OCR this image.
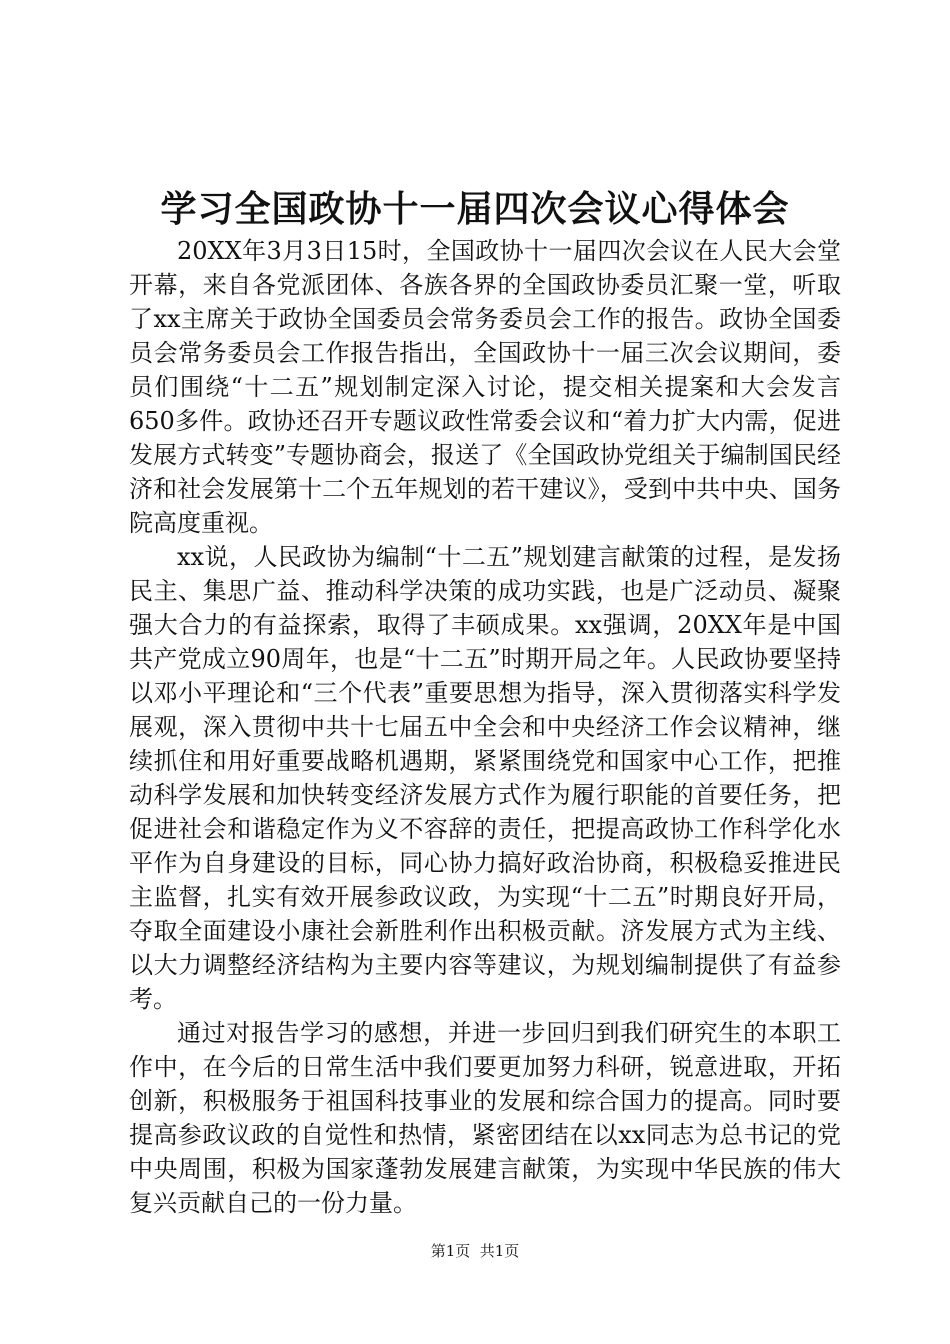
学习全国政协十一届四次会议心得体会

20XX年3月3日15时，全国政协十一届四次会议在人民大会堂开幕，来自各党派团体、各族各界的全国政协委员汇聚一堂，听取了xx主席关于政协全国委员会常务委员会工作的报告。政协全国委员会常务委员会工作报告指出，全国政协十一届三次会议期间，委员们围绕“十二五”规划制定深入讨论，提交相关提案和大会发言650多件。政协还召开专题议政性常委会议和“着力扩大内需，促进发展方式转变”专题协商会，报送了《全国政协党组关于编制国民经济和社会发展第十二个五年规划的若干建议》，受到中共中央、国务院高度重视。

xx说，人民政协为编制“十二五”规划建言献策的过程，是发扬民主、集思广益、推动科学决策的成功实践，也是广泛动员、凝聚强大合力的有益探索，取得了丰硕成果。xx强调，20XX年是中国共产党成立90周年，也是“十二五”时期开局之年。人民政协要坚持以邓小平理论和“三个代表”重要思想为指导，深入贯彻落实科学发展观，深入贯彻中共十七届五中全会和中央经济工作会议精神，继续抓住和用好重要战略机遇期，紧紧围绕党和国家中心工作，把推动科学发展和加快转变经济发展方式作为履行职能的首要任务，把促进社会和谐稳定作为义不容辞的责任，把提高政协工作科学化水平作为自身建设的目标，同心协力搞好政治协商，积极稳妥推进民主监督，扎实有效开展参政议政，为实现“十二五”时期良好开局，夺取全面建设小康社会新胜利作出积极贡献。济发展方式为主线、以大力调整经济结构为主要内容等建议，为规划编制提供了有益参考。

通过对报告学习的感想，并进一步回归到我们研究生的本职工作中，在今后的日常生活中我们要更加努力科研，锐意进取，开拓创新，积极服务于祖国科技事业的发展和综合国力的提高。同时要提高参政议政的自觉性和热情，紧密团结在以xx同志为总书记的党中央周围，积极为国家蓬勃发展建言献策，为实现中华民族的伟大复兴贡献自己的一份力量。

第1页  共1页
